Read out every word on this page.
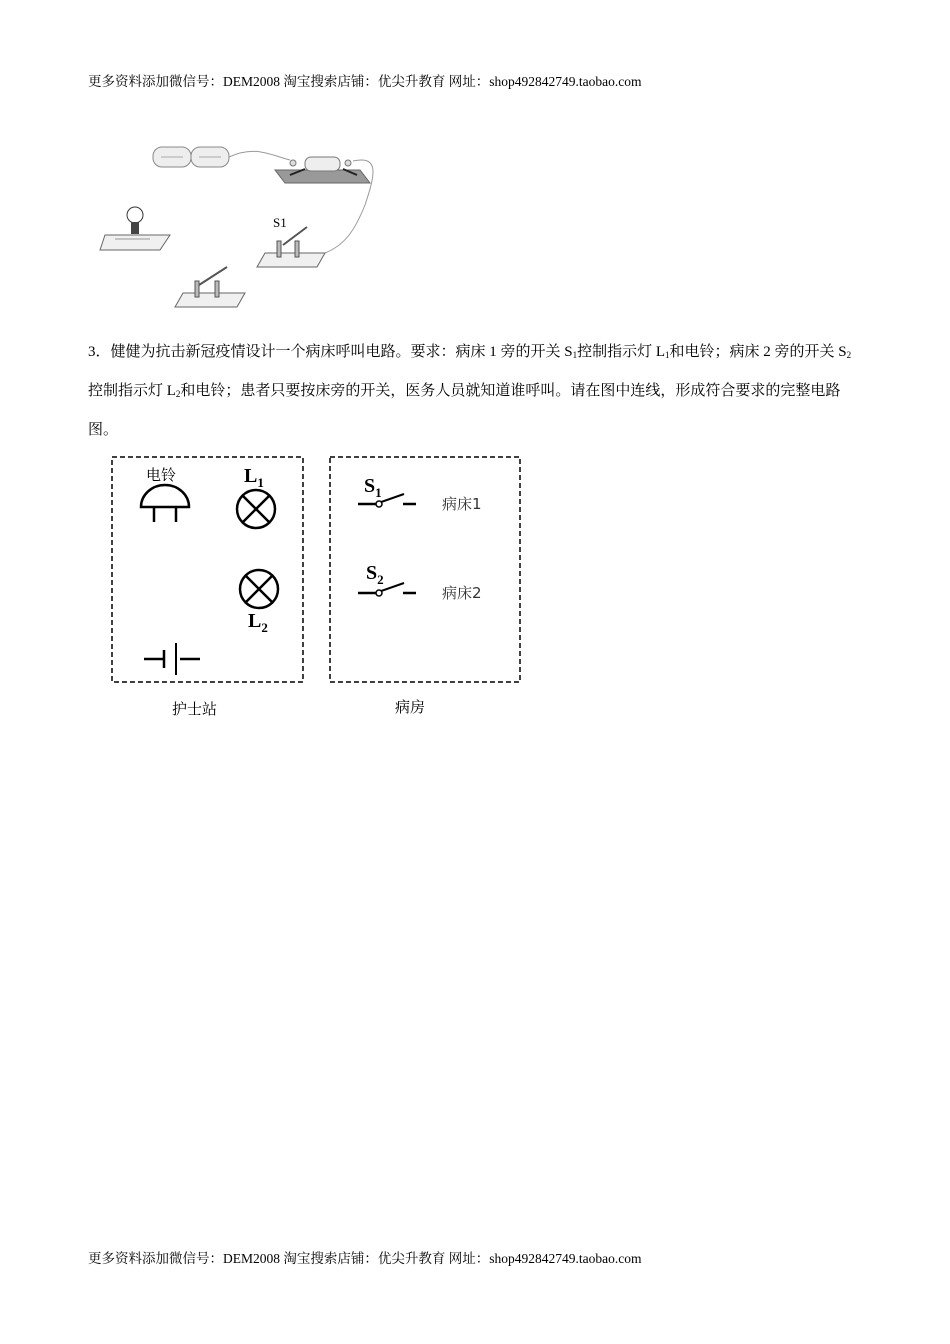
更多资料添加微信号：DEM2008 淘宝搜索店铺：优尖升教育 网址：shop492842749.taobao.com
S1

3．健健为抗击新冠疫情设计一个病床呼叫电路。要求：病床 1 旁的开关 $S_1$控制指示灯 $L_1$和电铃；病床 2 旁的开关 $S_2$控制指示灯 $L_2$和电铃；患者只要按床旁的开关，医务人员就知道谁呼叫。请在图中连线，形成符合要求的完整电路图。

电铃	$L_1$
$L_2$
$S_1$
病床1
$S_2$
病床2
护士站	病房
更多资料添加微信号：DEM2008 淘宝搜索店铺：优尖升教育 网址：shop492842749.taobao.com
